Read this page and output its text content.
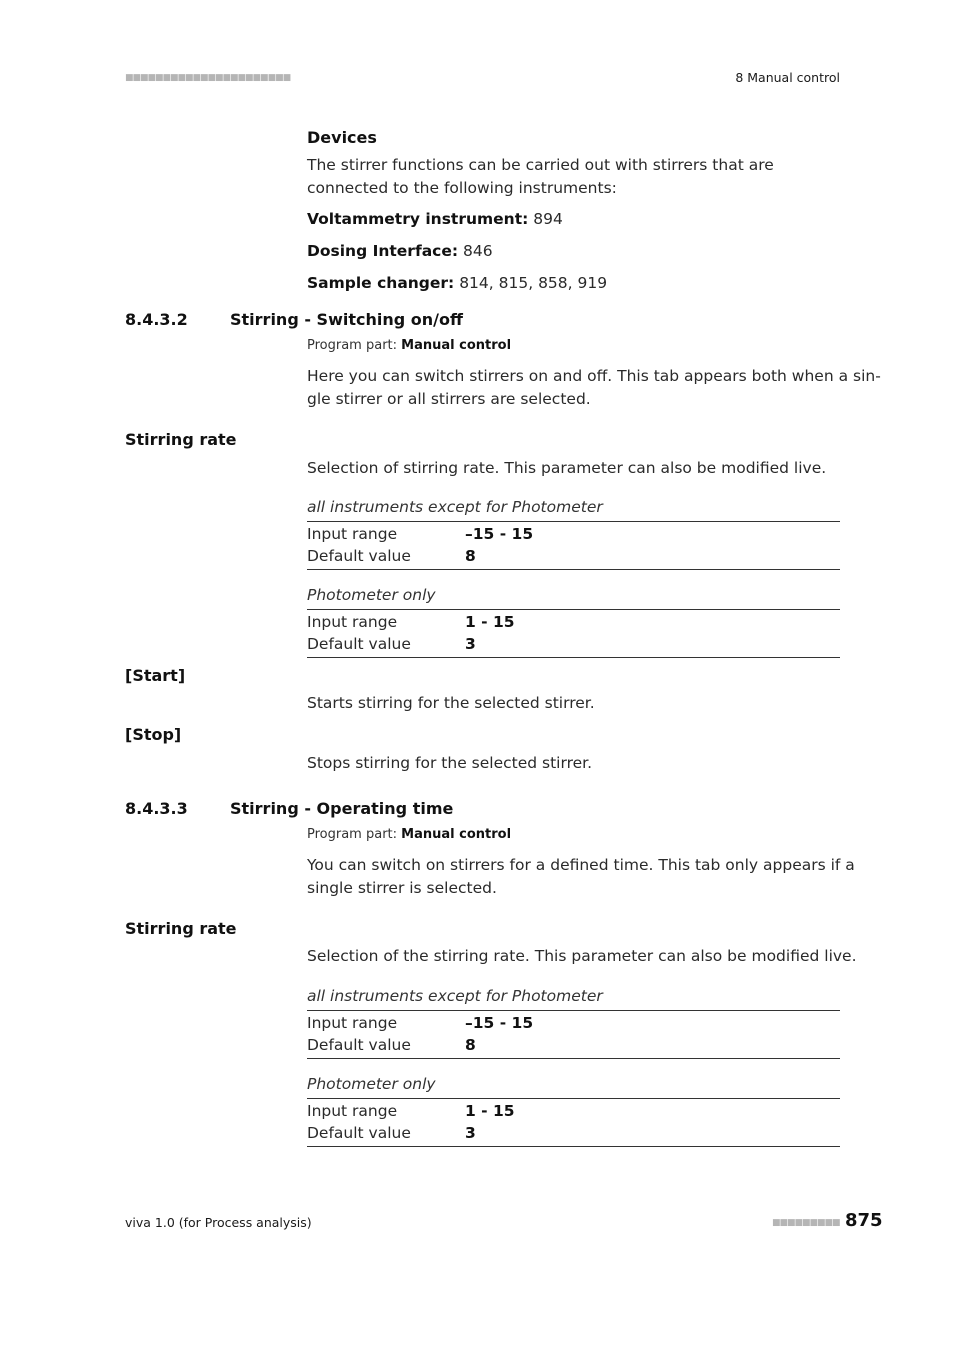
■■■■■■■■■■■■■■■■■■■■■■	8 Manual control
Devices
The stirrer functions can be carried out with stirrers that are connected to the following instruments:
Voltammetry instrument: 894
Dosing Interface: 846
Sample changer: 814, 815, 858, 919
8.4.3.2	Stirring - Switching on/off
Program part: Manual control
Here you can switch stirrers on and off. This tab appears both when a sin-
gle stirrer or all stirrers are selected.
Stirring rate
Selection of stirring rate. This parameter can also be modified live.
all instruments except for Photometer
Input range	–15 - 15
Default value	8
Photometer only
Input range	1 - 15
Default value	3
[Start]
Starts stirring for the selected stirrer.
[Stop]
Stops stirring for the selected stirrer.
8.4.3.3	Stirring - Operating time
Program part: Manual control
You can switch on stirrers for a defined time. This tab only appears if a
single stirrer is selected.
Stirring rate
Selection of the stirring rate. This parameter can also be modified live.
all instruments except for Photometer
Input range	–15 - 15
Default value	8
Photometer only
Input range	1 - 15
Default value	3
viva 1.0 (for Process analysis)	■■■■■■■■■ 875
